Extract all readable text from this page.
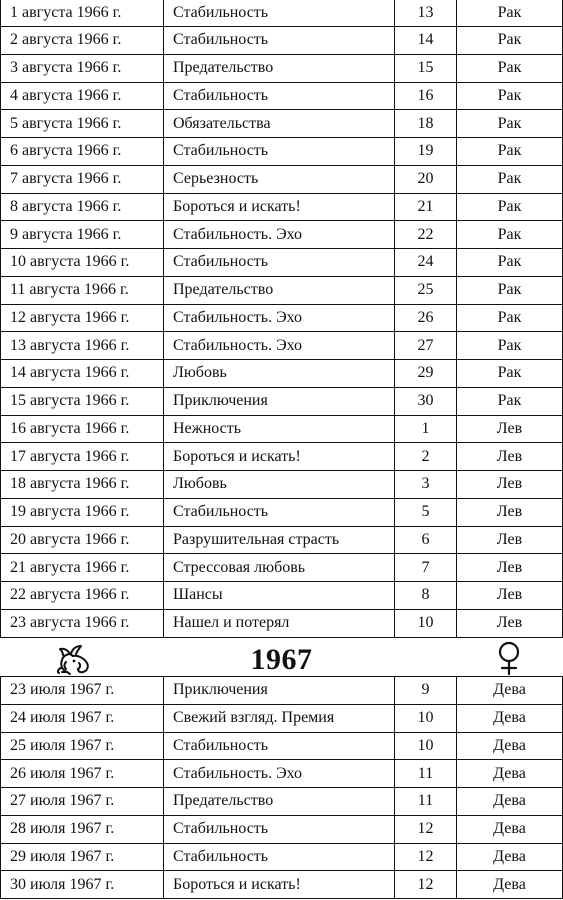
1 августа 1966 г.	Стабильность	13	Рак
2 августа 1966 г.	Стабильность	14	Рак
3 августа 1966 г.	Предательство	15	Рак
4 августа 1966 г.	Стабильность	16	Рак
5 августа 1966 г.	Обязательства	18	Рак
6 августа 1966 г.	Стабильность	19	Рак
7 августа 1966 г.	Серьезность	20	Рак
8 августа 1966 г.	Бороться и искать!	21	Рак
9 августа 1966 г.	Стабильность. Эхо	22	Рак
10 августа 1966 г.	Стабильность	24	Рак
11 августа 1966 г.	Предательство	25	Рак
12 августа 1966 г.	Стабильность. Эхо	26	Рак
13 августа 1966 г.	Стабильность. Эхо	27	Рак
14 августа 1966 г.	Любовь	29	Рак
15 августа 1966 г.	Приключения	30	Рак
16 августа 1966 г.	Нежность	1	Лев
17 августа 1966 г.	Бороться и искать!	2	Лев
18 августа 1966 г.	Любовь	3	Лев
19 августа 1966 г.	Стабильность	5	Лев
20 августа 1966 г.	Разрушительная страсть	6	Лев
21 августа 1966 г.	Стрессовая любовь	7	Лев
22 августа 1966 г.	Шансы	8	Лев
23 августа 1966 г.	Нашел и потерял	10	Лев
1967
23 июля 1967 г.	Приключения	9	Дева
24 июля 1967 г.	Свежий взгляд. Премия	10	Дева
25 июля 1967 г.	Стабильность	10	Дева
26 июля 1967 г.	Стабильность. Эхо	11	Дева
27 июля 1967 г.	Предательство	11	Дева
28 июля 1967 г.	Стабильность	12	Дева
29 июля 1967 г.	Стабильность	12	Дева
30 июля 1967 г.	Бороться и искать!	12	Дева
